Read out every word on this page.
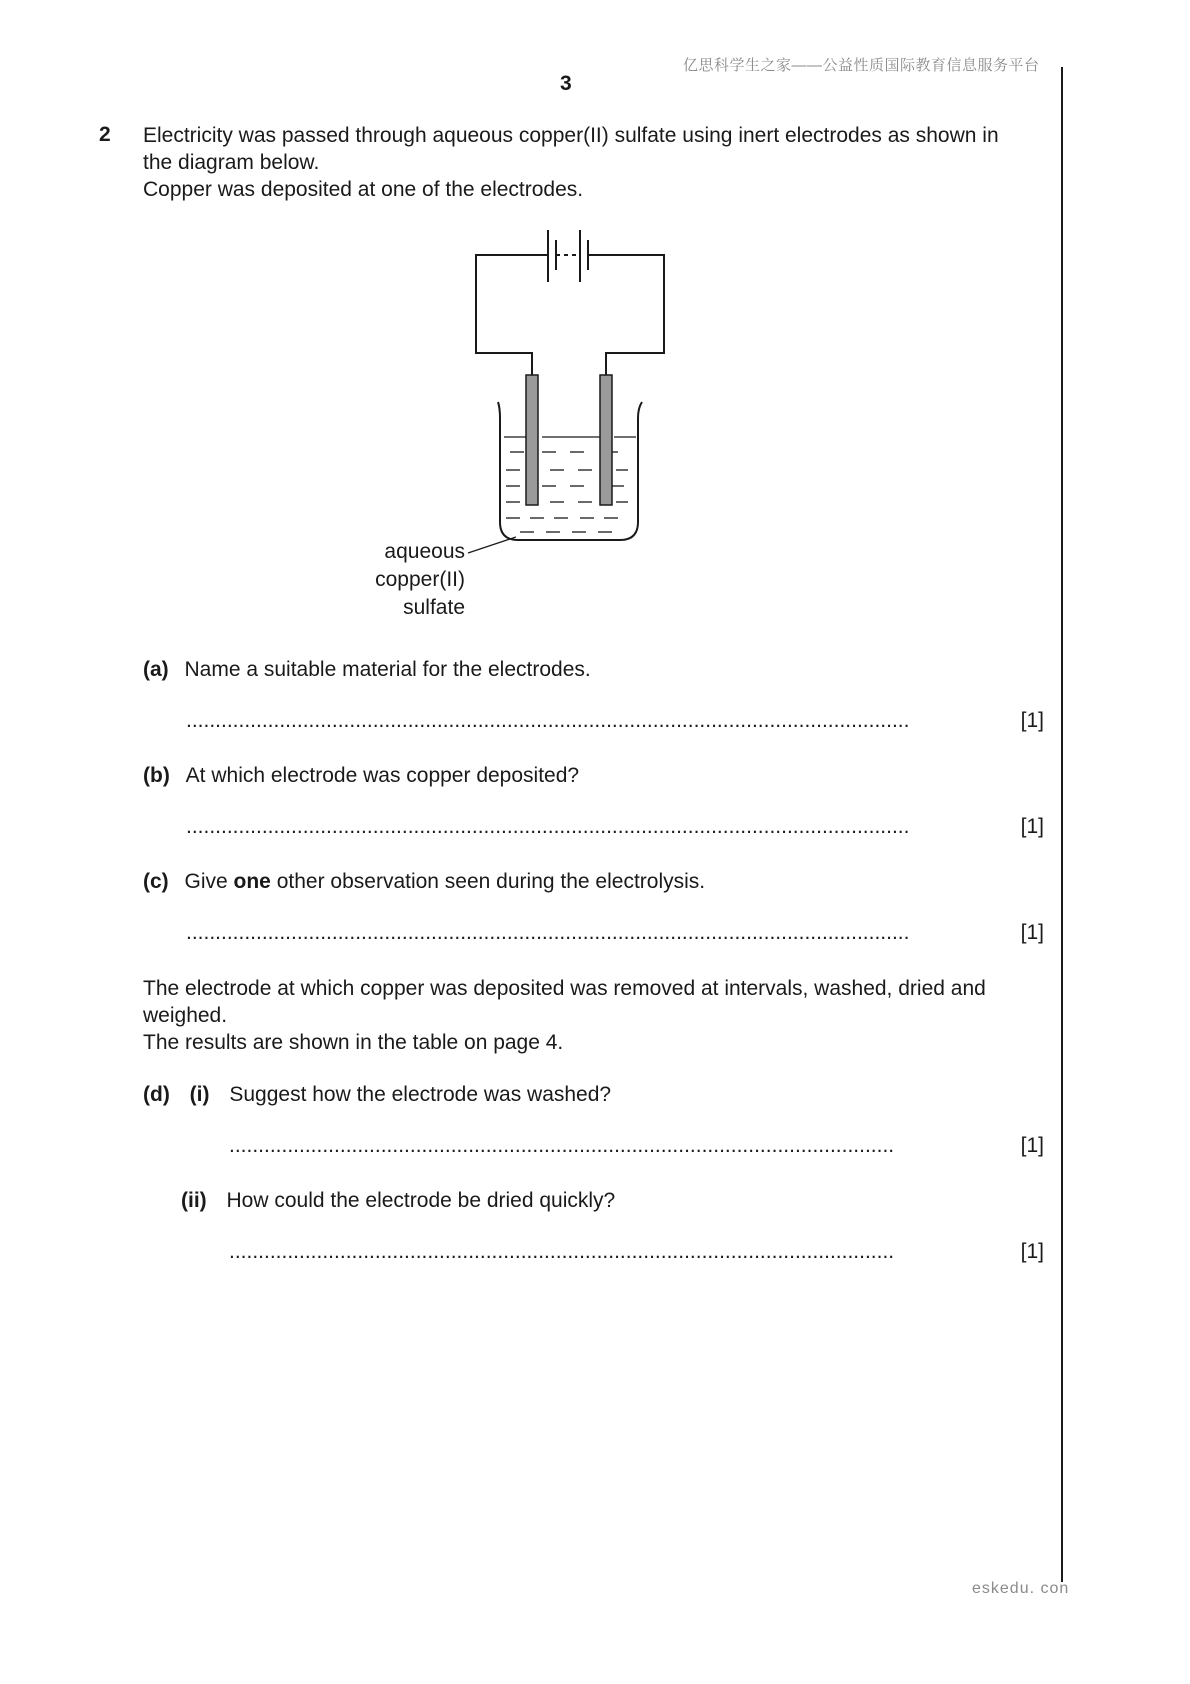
亿思科学生之家——公益性质国际教育信息服务平台
3
2 Electricity was passed through aqueous copper(II) sulfate using inert electrodes as shown in
the diagram below.
Copper was deposited at one of the electrodes.
aqueous
copper(II)
sulfate
(a) Name a suitable material for the electrodes.
............................................................................................................................	[1]
(b) At which electrode was copper deposited?
............................................................................................................................	[1]
(c) Give one other observation seen during the electrolysis.
............................................................................................................................	[1]
The electrode at which copper was deposited was removed at intervals, washed, dried and
weighed.
The results are shown in the table on page 4.
(d) (i) Suggest how the electrode was washed?
..................................................................................................................	[1]
(ii) How could the electrode be dried quickly?
..................................................................................................................	[1]
eskedu. con
